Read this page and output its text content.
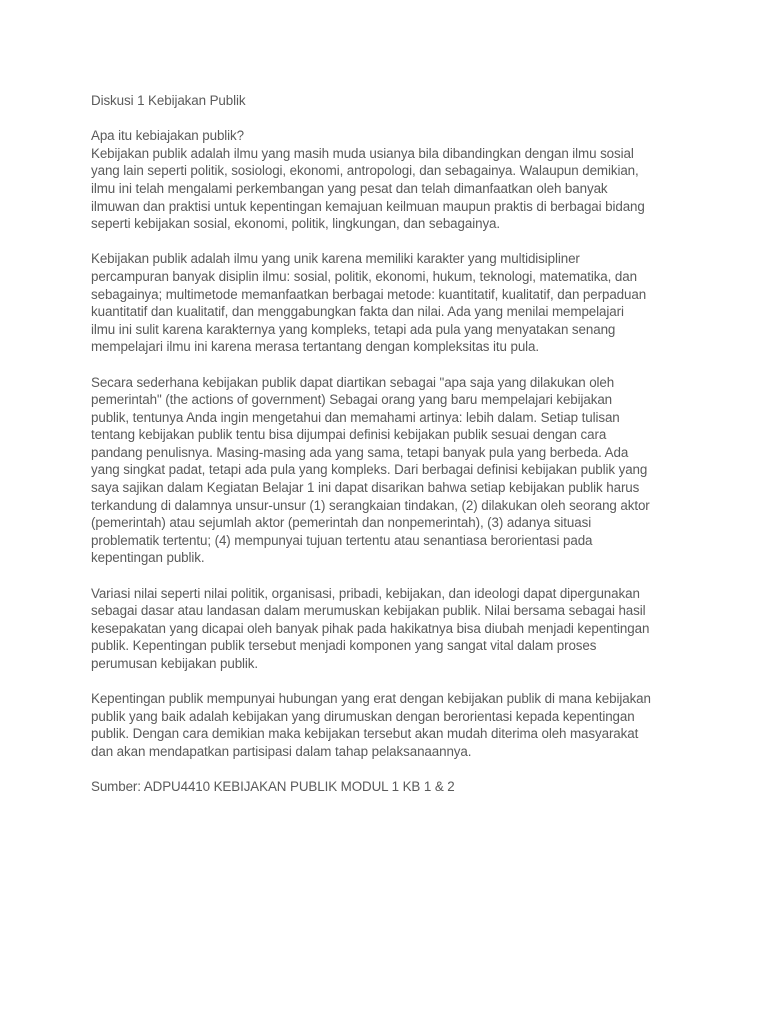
Diskusi 1 Kebijakan Publik
Apa itu kebiajakan publik?
Kebijakan publik adalah ilmu yang masih muda usianya bila dibandingkan dengan ilmu sosial
yang lain seperti politik, sosiologi, ekonomi, antropologi, dan sebagainya. Walaupun demikian,
ilmu ini telah mengalami perkembangan yang pesat dan telah dimanfaatkan oleh banyak
ilmuwan dan praktisi untuk kepentingan kemajuan keilmuan maupun praktis di berbagai bidang
seperti kebijakan sosial, ekonomi, politik, lingkungan, dan sebagainya.
Kebijakan publik adalah ilmu yang unik karena memiliki karakter yang multidisipliner
percampuran banyak disiplin ilmu: sosial, politik, ekonomi, hukum, teknologi, matematika, dan
sebagainya; multimetode memanfaatkan berbagai metode: kuantitatif, kualitatif, dan perpaduan
kuantitatif dan kualitatif, dan menggabungkan fakta dan nilai. Ada yang menilai mempelajari
ilmu ini sulit karena karakternya yang kompleks, tetapi ada pula yang menyatakan senang
mempelajari ilmu ini karena merasa tertantang dengan kompleksitas itu pula.
Secara sederhana kebijakan publik dapat diartikan sebagai "apa saja yang dilakukan oleh
pemerintah" (the actions of government) Sebagai orang yang baru mempelajari kebijakan
publik, tentunya Anda ingin mengetahui dan memahami artinya: lebih dalam. Setiap tulisan
tentang kebijakan publik tentu bisa dijumpai definisi kebijakan publik sesuai dengan cara
pandang penulisnya. Masing-masing ada yang sama, tetapi banyak pula yang berbeda. Ada
yang singkat padat, tetapi ada pula yang kompleks. Dari berbagai definisi kebijakan publik yang
saya sajikan dalam Kegiatan Belajar 1 ini dapat disarikan bahwa setiap kebijakan publik harus
terkandung di dalamnya unsur-unsur (1) serangkaian tindakan, (2) dilakukan oleh seorang aktor
(pemerintah) atau sejumlah aktor (pemerintah dan nonpemerintah), (3) adanya situasi
problematik tertentu; (4) mempunyai tujuan tertentu atau senantiasa berorientasi pada
kepentingan publik.
Variasi nilai seperti nilai politik, organisasi, pribadi, kebijakan, dan ideologi dapat dipergunakan
sebagai dasar atau landasan dalam merumuskan kebijakan publik. Nilai bersama sebagai hasil
kesepakatan yang dicapai oleh banyak pihak pada hakikatnya bisa diubah menjadi kepentingan
publik. Kepentingan publik tersebut menjadi komponen yang sangat vital dalam proses
perumusan kebijakan publik.
Kepentingan publik mempunyai hubungan yang erat dengan kebijakan publik di mana kebijakan
publik yang baik adalah kebijakan yang dirumuskan dengan berorientasi kepada kepentingan
publik. Dengan cara demikian maka kebijakan tersebut akan mudah diterima oleh masyarakat
dan akan mendapatkan partisipasi dalam tahap pelaksanaannya.
Sumber: ADPU4410 KEBIJAKAN PUBLIK MODUL 1 KB 1 & 2
